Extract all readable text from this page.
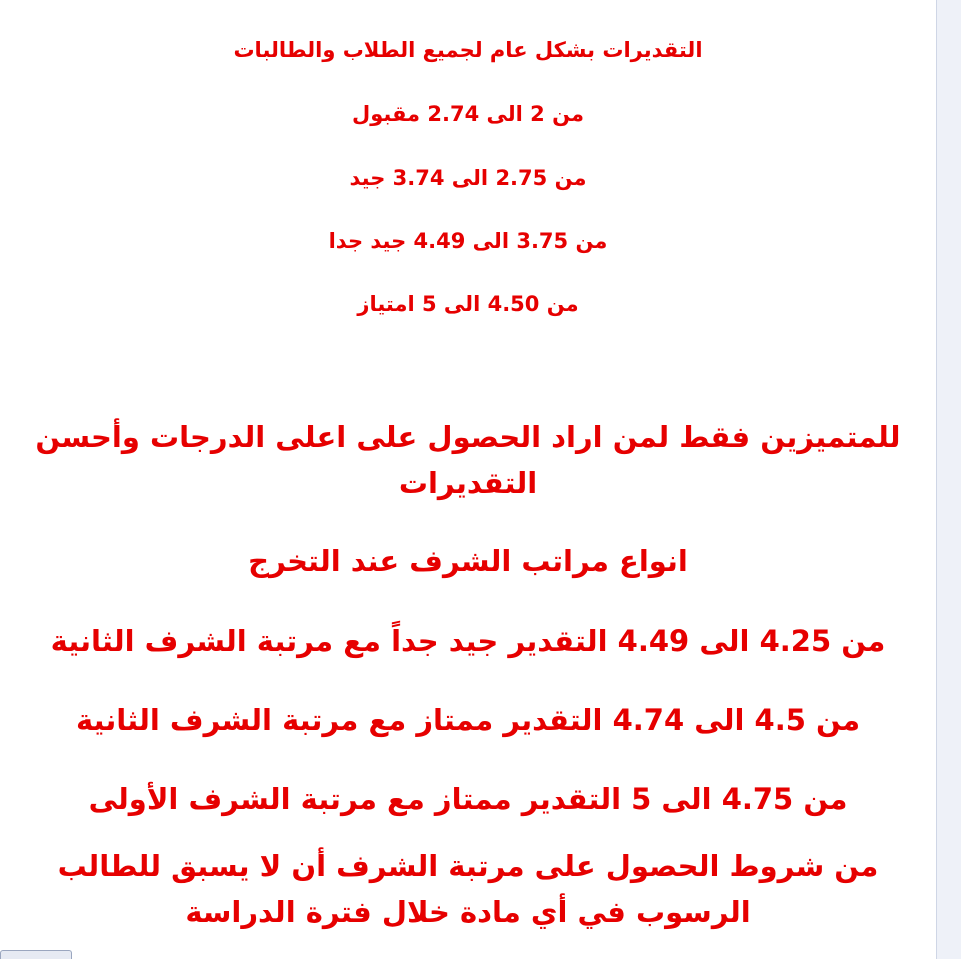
التقديرات بشكل عام لجميع الطلاب والطالبات
من 2 الى 2.74 مقبول
من 2.75 الى 3.74 جيد
من 3.75 الى 4.49 جيد جدا
من 4.50 الى 5 امتياز
للمتميزين فقط لمن اراد الحصول على اعلى الدرجات وأحسن التقديرات
انواع مراتب الشرف عند التخرج
من 4.25 الى 4.49 التقدير جيد جداً مع مرتبة الشرف الثانية
من 4.5 الى 4.74 التقدير ممتاز مع مرتبة الشرف الثانية
من 4.75 الى 5 التقدير ممتاز مع مرتبة الشرف الأولى
من شروط الحصول على مرتبة الشرف أن لا يسبق للطالب الرسوب في أي مادة خلال فترة الدراسة
